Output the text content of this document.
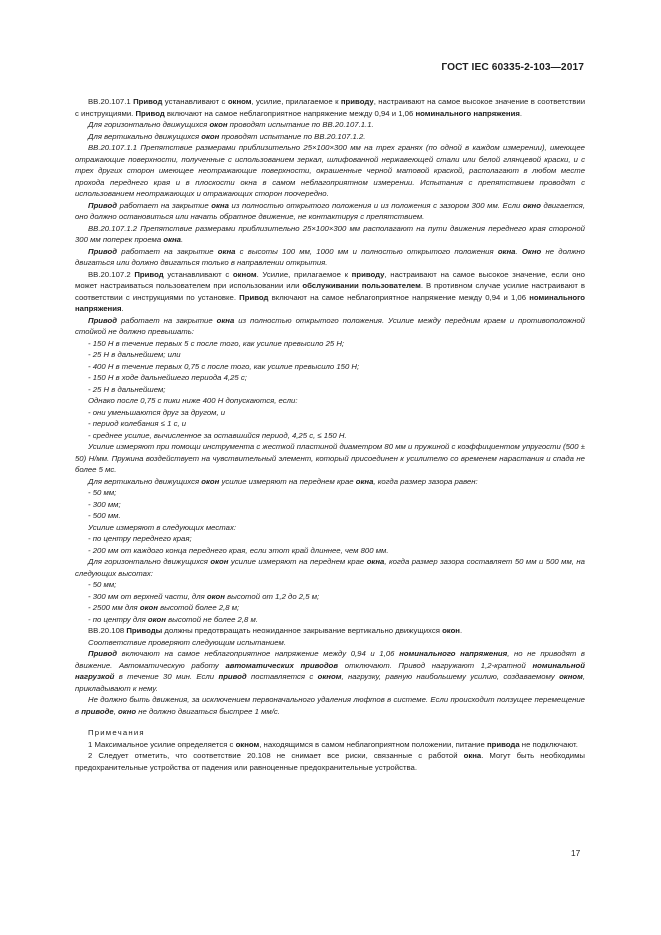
ГОСТ IEC 60335-2-103—2017

ВВ.20.107.1 Привод устанавливают с окном, усилие, прилагаемое к приводу, настраивают на самое высокое значение в соответствии с инструкциями. Привод включают на самое неблагоприятное напряжение между 0,94 и 1,06 номинального напряжения.

Для горизонтально движущихся окон проводят испытание по ВВ.20.107.1.1.

Для вертикально движущихся окон проводят испытание по ВВ.20.107.1.2.

ВВ.20.107.1.1 Препятствие размерами приблизительно 25×100×300 мм на трех гранях (по одной в каждом измерении), имеющее отражающие поверхности, полученные с использованием зеркал, шлифованной нержавеющей стали или белой глянцевой краски, и с трех других сторон имеющее неотражающие поверхности, окрашенные черной матовой краской, располагают в любом месте прохода переднего края и в плоскости окна в самом неблагоприятном измерении. Испытания с препятствием проводят с использованием неотражающих и отражающих сторон поочередно.

Привод работает на закрытие окна из полностью открытого положения и из положения с зазором 300 мм. Если окно двигается, оно должно остановиться или начать обратное движение, не контактируя с препятствием.

ВВ.20.107.1.2 Препятствие размерами приблизительно 25×100×300 мм располагают на пути движения переднего края стороной 300 мм поперек проема окна.

Привод работает на закрытие окна с высоты 100 мм, 1000 мм и полностью открытого положения окна. Окно не должно двигаться или должно двигаться только в направлении открытия.

ВВ.20.107.2 Привод устанавливают с окном. Усилие, прилагаемое к приводу, настраивают на самое высокое значение, если оно может настраиваться пользователем при использовании или обслуживании пользователем. В противном случае усилие настраивают в соответствии с инструкциями по установке. Привод включают на самое неблагоприятное напряжение между 0,94 и 1,06 номинального напряжения.

Привод работает на закрытие окна из полностью открытого положения. Усилие между передним краем и противоположной стойкой не должно превышать:

- 150 Н в течение первых 5 с после того, как усилие превысило 25 Н;

- 25 Н в дальнейшем; или

- 400 Н в течение первых 0,75 с после того, как усилие превысило 150 Н;

- 150 Н в ходе дальнейшего периода 4,25 с;

- 25 Н в дальнейшем;

Однако после 0,75 с пики ниже 400 Н допускаются, если:

- они уменьшаются друг за другом, и

- период колебания ≤ 1 с, и

- среднее усилие, вычисленное за оставшийся период, 4,25 с, ≤ 150 Н.

Усилие измеряют при помощи инструмента с жесткой пластиной диаметром 80 мм и пружиной с коэффициентом упругости (500 ± 50) Н/мм. Пружина воздействует на чувствительный элемент, который присоединен к усилителю со временем нарастания и спада не более 5 мс.

Для вертикально движущихся окон усилие измеряют на переднем крае окна, когда размер зазора равен:

- 50 мм;

- 300 мм;

- 500 мм.

Усилие измеряют в следующих местах:

- по центру переднего края;

- 200 мм от каждого конца переднего края, если этот край длиннее, чем 800 мм.

Для горизонтально движущихся окон усилие измеряют на переднем крае окна, когда размер зазора составляет 50 мм и 500 мм, на следующих высотах:

- 50 мм;

- 300 мм от верхней части, для окон высотой от 1,2 до 2,5 м;

- 2500 мм для окон высотой более 2,8 м;

- по центру для окон высотой не более 2,8 м.

ВВ.20.108 Приводы должны предотвращать неожиданное закрывание вертикально движущихся окон.

Соответствие проверяют следующим испытанием.

Привод включают на самое неблагоприятное напряжение между 0,94 и 1,06 номинального напряжения, но не приводят в движение. Автоматическую работу автоматических приводов отключают. Привод нагружают 1,2-кратной номинальной нагрузкой в течение 30 мин. Если привод поставляется с окном, нагрузку, равную наибольшему усилию, создаваемому окном, прикладывают к нему.

Не должно быть движения, за исключением первоначального удаления люфтов в системе. Если происходит ползущее перемещение в приводе, окно не должно двигаться быстрее 1 мм/с.

Примечания

1 Максимальное усилие определяется с окном, находящимся в самом неблагоприятном положении, питание привода не подключают.

2 Следует отметить, что соответствие 20.108 не снимает все риски, связанные с работой окна. Могут быть необходимы предохранительные устройства от падения или равноценные предохранительные устройства.

17
